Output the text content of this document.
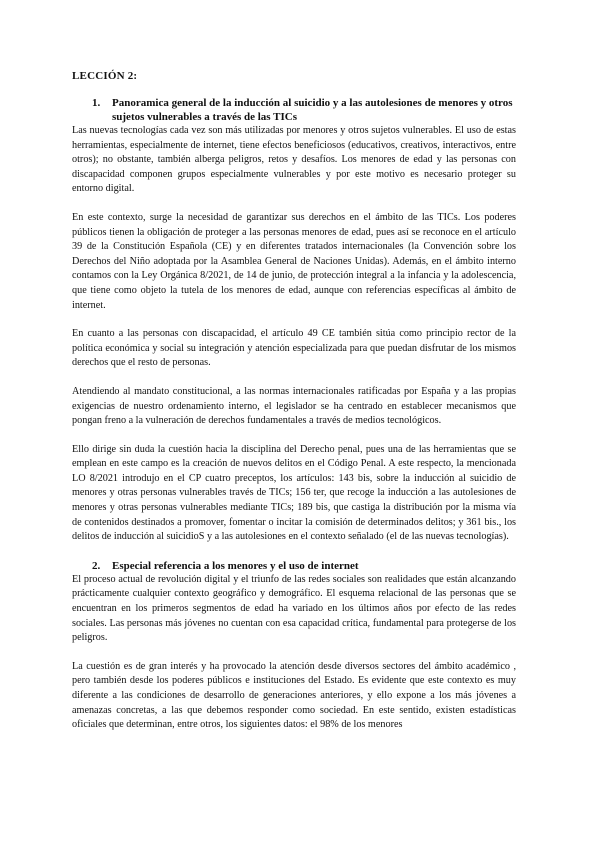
LECCIÓN 2:

1.	Panoramica general de la inducción al suicidio y a las autolesiones de menores y otros sujetos vulnerables a través de las TICs

Las nuevas tecnologías cada vez son más utilizadas por menores y otros sujetos vulnerables. El uso de estas herramientas, especialmente de internet, tiene efectos beneficiosos (educativos, creativos, interactivos, entre otros); no obstante, también alberga peligros, retos y desafíos. Los menores de edad y las personas con discapacidad componen grupos especialmente vulnerables y por este motivo es necesario proteger su entorno digital.

En este contexto, surge la necesidad de garantizar sus derechos en el ámbito de las TICs. Los poderes públicos tienen la obligación de proteger a las personas menores de edad, pues así se reconoce en el artículo 39 de la Constitución Española (CE) y en diferentes tratados internacionales (la Convención sobre los Derechos del Niño adoptada por la Asamblea General de Naciones Unidas). Además, en el ámbito interno contamos con la Ley Orgánica 8/2021, de 14 de junio, de protección integral a la infancia y la adolescencia, que tiene como objeto la tutela de los menores de edad, aunque con referencias específicas al ámbito de internet.

En cuanto a las personas con discapacidad, el artículo 49 CE también sitúa como principio rector de la política económica y social su integración y atención especializada para que puedan disfrutar de los mismos derechos que el resto de personas.

Atendiendo al mandato constitucional, a las normas internacionales ratificadas por España y a las propias exigencias de nuestro ordenamiento interno, el legislador se ha centrado en establecer mecanismos que pongan freno a la vulneración de derechos fundamentales a través de medios tecnológicos.

Ello dirige sin duda la cuestión hacia la disciplina del Derecho penal, pues una de las herramientas que se emplean en este campo es la creación de nuevos delitos en el Código Penal. A este respecto, la mencionada LO 8/2021 introdujo en el CP cuatro preceptos, los artículos: 143 bis, sobre la inducción al suicidio de menores y otras personas vulnerables través de TICs; 156 ter, que recoge la inducción a las autolesiones de menores y otras personas vulnerables mediante TICs; 189 bis, que castiga la distribución por la misma vía de contenidos destinados a promover, fomentar o incitar la comisión de determinados delitos; y 361 bis., los delitos de inducción al suicidioS y a las autolesiones en el contexto señalado (el de las nuevas tecnologías).

2.	Especial referencia a los menores y el uso de internet

El proceso actual de revolución digital y el triunfo de las redes sociales son realidades que están alcanzando prácticamente cualquier contexto geográfico y demográfico. El esquema relacional de las personas que se encuentran en los primeros segmentos de edad ha variado en los últimos años por efecto de las redes sociales. Las personas más jóvenes no cuentan con esa capacidad crítica, fundamental para protegerse de los peligros.

La cuestión es de gran interés y ha provocado la atención desde diversos sectores del ámbito académico , pero también desde los poderes públicos e instituciones del Estado. Es evidente que este contexto es muy diferente a las condiciones de desarrollo de generaciones anteriores, y ello expone a los más jóvenes a amenazas concretas, a las que debemos responder como sociedad. En este sentido, existen estadísticas oficiales que determinan, entre otros, los siguientes datos: el 98% de los menores
